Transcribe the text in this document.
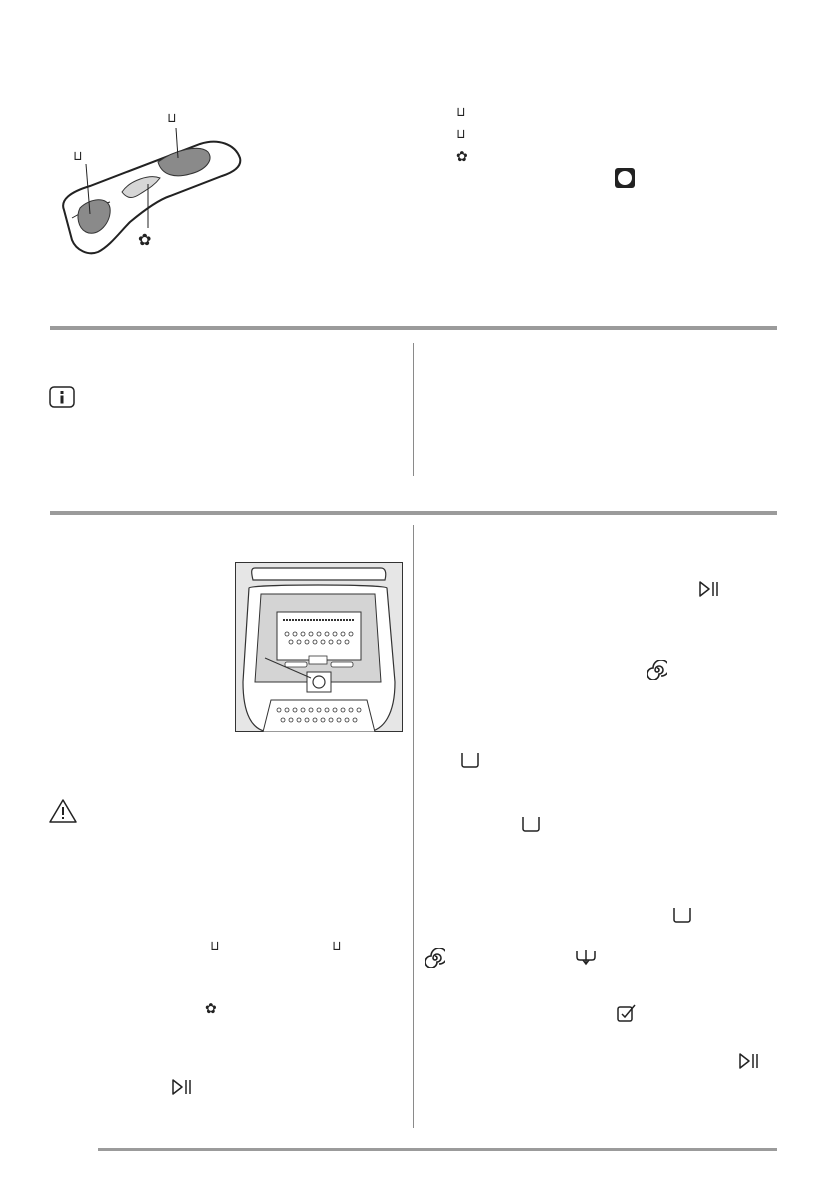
⊔
⊔
✿
⊔
⊔
✿
⊔	⊔
✿
